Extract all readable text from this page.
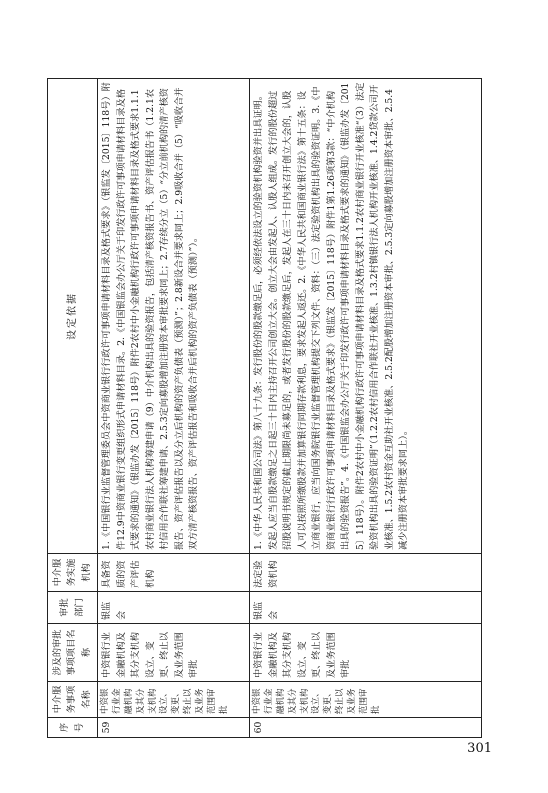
序号	中介服务事项名称	涉及的审批事项项目名称	审批部门	中介服务实施机构	设定依据
59	中资银行业金融机构及其分支机构设立、变更、终止以及业务范围审批	中资银行业金融机构及其分支机构设立、变更、终止以及业务范围审批	银监会	具备资质的资产评估机构	1.《中国银行业监督管理委员会中资商业银行行政许可事项申请材料目录及格式要求》（银监发〔2015〕118号）附件12.9中资商业银行变更组织形式申请材料目录。2.《中国银监会办公厅关于印发行政许可事项申请材料目录及格式要求的通知》（银监办发〔2015〕118号）附件2农村中小金融机构行政许可事项申请材料目录及格式要求1.1.1农村商业银行法人机构筹建申请（9）中介机构出具的验资报告，包括清产核资报告书、资产评估报告书（1.2.1农村信用合作联社筹建申请、2.5.3定向募股增加注册资本审批要求同上；2.7存续分立（5）“分立前机构的清产核资报告、资产评估报告以及分立后机构的资产负债表（预测）”；2.8新设合并要求同上；2.9吸收合并（5）“吸收合并双方清产核资报告、资产评估报告和吸收合并后机构的资产负债表（预测）”）。
60	中资银行业金融机构及其分支机构设立、变更、终止以及业务范围审批	中资银行业金融机构及其分支机构设立、变更、终止以及业务范围审批	银监会	法定验资机构	1.《中华人民共和国公司法》第八十九条：发行股份的股款缴足后，必须经依法设立的验资机构验资并出具证明。发起人应当自股款缴足之日起三十日内主持召开公司创立大会。创立大会由发起人、认股人组成。发行的股份超过招股说明书规定的截止期限尚未募足的，或者发行股份的股款缴足后，发起人在三十日内未召开创立大会的，认股人可以按照所缴股款并加算银行同期存款利息，要求发起人返还。2.《中华人民共和国商业银行法》第十五条：设立商业银行，应当向国务院银行业监督管理机构提交下列文件、资料：（三）法定验资机构出具的验资证明。3.《中资商业银行行政许可事项申请材料目录及格式要求》（银监发〔2015〕118号）附件1第1.26项第3款：“中介机构出具的验资报告”。4.《中国银监会办公厅关于印发行政许可事项申请材料目录及格式要求的通知》（银监办发〔2015〕118号）。附件2农村中小金融机构行政许可事项申请材料目录及格式要求1.1.2农村商业银行开业核准“（3）法定验资机构出具的验资证明”（1.2.2农村信用合作联社开业核准、1.3.2村镇银行法人机构开业核准、1.4.2贷款公司开业核准、1.5.2农村资金互助社开业核准、2.5.2配股增加注册资本审批、2.5.3定向募股增加注册资本审批、2.5.4减少注册资本审批要求同上）。
301
